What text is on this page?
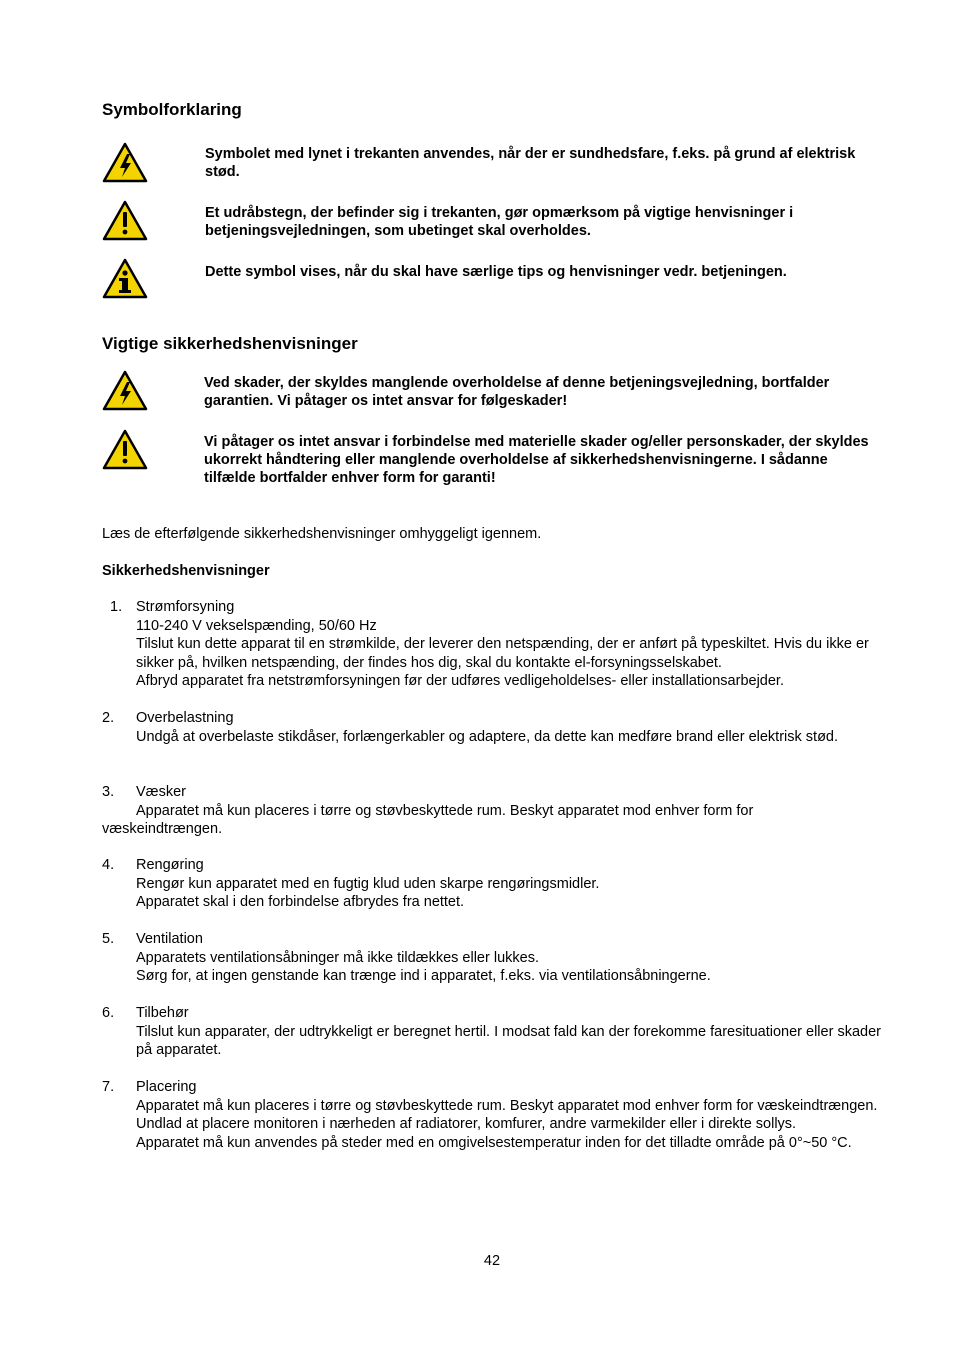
Symbolforklaring
Symbolet med lynet i trekanten anvendes, når der er sundhedsfare, f.eks. på grund af elektrisk stød.
Et udråbstegn, der befinder sig i trekanten, gør opmærksom på vigtige henvisninger i betjeningsvejledningen, som ubetinget skal overholdes.
Dette symbol vises, når du skal have særlige tips og henvisninger vedr. betjeningen.
Vigtige sikkerhedshenvisninger
Ved skader, der skyldes manglende overholdelse af denne betjeningsvejledning, bortfalder garantien. Vi påtager os intet ansvar for følgeskader!
Vi påtager os intet ansvar i forbindelse med materielle skader og/eller personskader, der skyldes ukorrekt håndtering eller manglende overholdelse af sikkerhedshenvisningerne. I sådanne tilfælde bortfalder enhver form for garanti!
Læs de efterfølgende sikkerhedshenvisninger omhyggeligt igennem.
Sikkerhedshenvisninger
1. Strømforsyning
110-240 V vekselspænding, 50/60 Hz
Tilslut kun dette apparat til en strømkilde, der leverer den netspænding, der er anført på typeskiltet. Hvis du ikke er sikker på, hvilken netspænding, der findes hos dig, skal du kontakte el-forsyningsselskabet.
Afbryd apparatet fra netstrømforsyningen før der udføres vedligeholdelses- eller installationsarbejder.
2.	Overbelastning
Undgå at overbelaste stikdåser, forlængerkabler og adaptere, da dette kan medføre brand eller elektrisk stød.
3.	Væsker
Apparatet må kun placeres i tørre og støvbeskyttede rum. Beskyt apparatet mod enhver form for
væskeindtrængen.
4.	Rengøring
Rengør kun apparatet med en fugtig klud uden skarpe rengøringsmidler.
Apparatet skal i den forbindelse afbrydes fra nettet.
5.	Ventilation
Apparatets ventilationsåbninger må ikke tildækkes eller lukkes.
Sørg for, at ingen genstande kan trænge ind i apparatet, f.eks. via ventilationsåbningerne.
6.	Tilbehør
Tilslut kun apparater, der udtrykkeligt er beregnet hertil. I modsat fald kan der forekomme faresituationer eller skader på apparatet.
7.	Placering
Apparatet må kun placeres i tørre og støvbeskyttede rum. Beskyt apparatet mod enhver form for væskeindtrængen.
Undlad at placere monitoren i nærheden af radiatorer, komfurer, andre varmekilder eller i direkte sollys.
Apparatet må kun anvendes på steder med en omgivelsestemperatur inden for det tilladte område på 0°~50 °C.
42
